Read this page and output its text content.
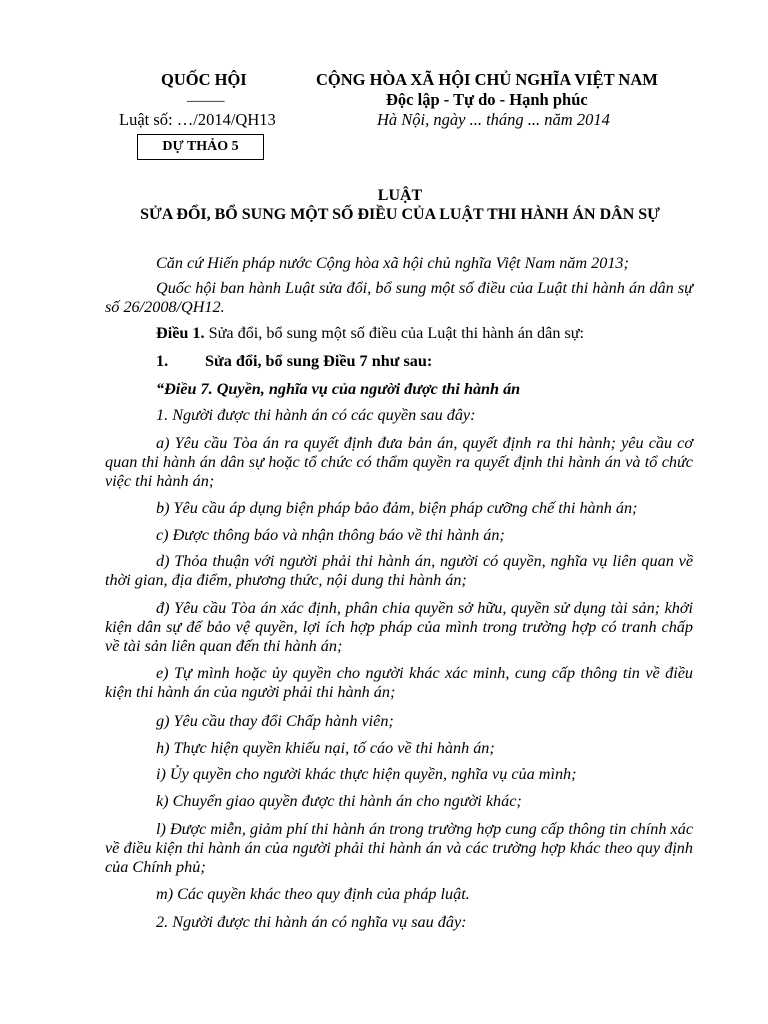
QUỐC HỘI
_____
Luật số: …/2014/QH13
DỰ THẢO 5
CỘNG HÒA XÃ HỘI CHỦ NGHĨA VIỆT NAM
Độc lập - Tự do - Hạnh phúc
Hà Nội, ngày ... tháng ... năm 2014
LUẬT
SỬA ĐỔI, BỔ SUNG MỘT SỐ ĐIỀU CỦA LUẬT THI HÀNH ÁN DÂN SỰ

Căn cứ Hiến pháp nước Cộng hòa xã hội chủ nghĩa Việt Nam năm 2013;

Quốc hội ban hành Luật sửa đổi, bổ sung một số điều của Luật thi hành án dân sự số 26/2008/QH12.

Điều 1. Sửa đổi, bổ sung một số điều của Luật thi hành án dân sự:

1. Sửa đổi, bổ sung Điều 7 như sau:

“Điều 7. Quyền, nghĩa vụ của người được thi hành án

1. Người được thi hành án có các quyền sau đây:

a) Yêu cầu Tòa án ra quyết định đưa bản án, quyết định ra thi hành; yêu cầu cơ quan thi hành án dân sự hoặc tổ chức có thẩm quyền ra quyết định thi hành án và tổ chức việc thi hành án;

b) Yêu cầu áp dụng biện pháp bảo đảm, biện pháp cưỡng chế thi hành án;

c) Được thông báo và nhận thông báo về thi hành án;

d) Thỏa thuận với người phải thi hành án, người có quyền, nghĩa vụ liên quan về thời gian, địa điểm, phương thức, nội dung thi hành án;

đ) Yêu cầu Tòa án xác định, phân chia quyền sở hữu, quyền sử dụng tài sản; khởi kiện dân sự để bảo vệ quyền, lợi ích hợp pháp của mình trong trường hợp có tranh chấp về tài sản liên quan đến thi hành án;

e) Tự mình hoặc ủy quyền cho người khác xác minh, cung cấp thông tin về điều kiện thi hành án của người phải thi hành án;

g) Yêu cầu thay đổi Chấp hành viên;

h) Thực hiện quyền khiếu nại, tố cáo về thi hành án;

i) Ủy quyền cho người khác thực hiện quyền, nghĩa vụ của mình;

k) Chuyển giao quyền được thi hành án cho người khác;

l) Được miễn, giảm phí thi hành án trong trường hợp cung cấp thông tin chính xác về điều kiện thi hành án của người phải thi hành án và các trường hợp khác theo quy định của Chính phủ;

m) Các quyền khác theo quy định của pháp luật.

2. Người được thi hành án có nghĩa vụ sau đây:
